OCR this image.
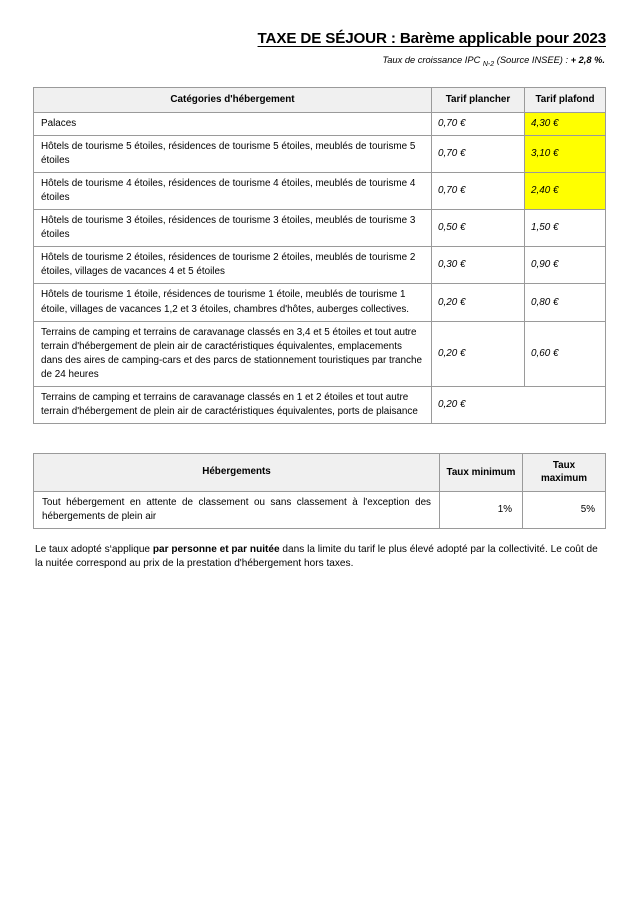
TAXE DE SÉJOUR : Barème applicable pour 2023
Taux de croissance IPC $_{N-2}$ (Source INSEE) : + 2,8 %.
Catégories d'hébergement	Tarif plancher	Tarif plafond
Palaces	0,70 €	4,30 €
Hôtels de tourisme 5 étoiles, résidences de tourisme 5 étoiles, meublés de tourisme 5 étoiles	0,70 €	3,10 €
Hôtels de tourisme 4 étoiles, résidences de tourisme 4 étoiles, meublés de tourisme 4 étoiles	0,70 €	2,40 €
Hôtels de tourisme 3 étoiles, résidences de tourisme 3 étoiles, meublés de tourisme 3 étoiles	0,50 €	1,50 €
Hôtels de tourisme 2 étoiles, résidences de tourisme 2 étoiles, meublés de tourisme 2 étoiles, villages de vacances 4 et 5 étoiles	0,30 €	0,90 €
Hôtels de tourisme 1 étoile, résidences de tourisme 1 étoile, meublés de tourisme 1 étoile, villages de vacances 1,2 et 3 étoiles, chambres d'hôtes, auberges collectives.	0,20 €	0,80 €
Terrains de camping et terrains de caravanage classés en 3,4 et 5 étoiles et tout autre terrain d'hébergement de plein air de caractéristiques équivalentes, emplacements dans des aires de camping-cars et des parcs de stationnement touristiques par tranche de 24 heures	0,20 €	0,60 €
Terrains de camping et terrains de caravanage classés en 1 et 2 étoiles et tout autre terrain d'hébergement de plein air de caractéristiques équivalentes, ports de plaisance	0,20 €	
Hébergements	Taux minimum	Taux maximum
Tout hébergement en attente de classement ou sans classement à l'exception des hébergements de plein air	1%	5%

Le taux adopté s‘applique par personne et par nuitée dans la limite du tarif le plus élevé adopté par la collectivité. Le coût de la nuitée correspond au prix de la prestation d'hébergement hors taxes.
